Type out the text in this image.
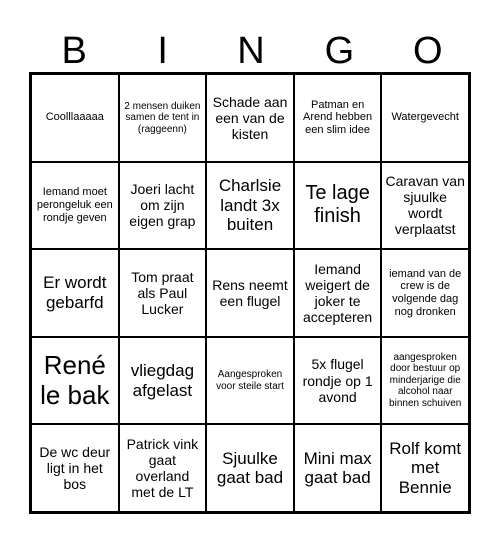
B	I	N	G	O
Coolllaaaaa
2 mensen duiken samen de tent in (raggeenn)
Schade aan een van de kisten
Patman en Arend hebben een slim idee
Watergevecht
Iemand moet perongeluk een rondje geven
Joeri lacht om zijn eigen grap
Charlsie landt 3x buiten
Te lage finish
Caravan van sjuulke wordt verplaatst
Er wordt gebarfd
Tom praat als Paul Lucker
Rens neemt een flugel
Iemand weigert de joker te accepteren
iemand van de crew is de volgende dag nog dronken
René le bak
vliegdag afgelast
Aangesproken voor steile start
5x flugel rondje op 1 avond
aangesproken door bestuur op minderjarige die alcohol naar binnen schuiven
De wc deur ligt in het bos
Patrick vink gaat overland met de LT
Sjuulke gaat bad
Mini max gaat bad
Rolf komt met Bennie
